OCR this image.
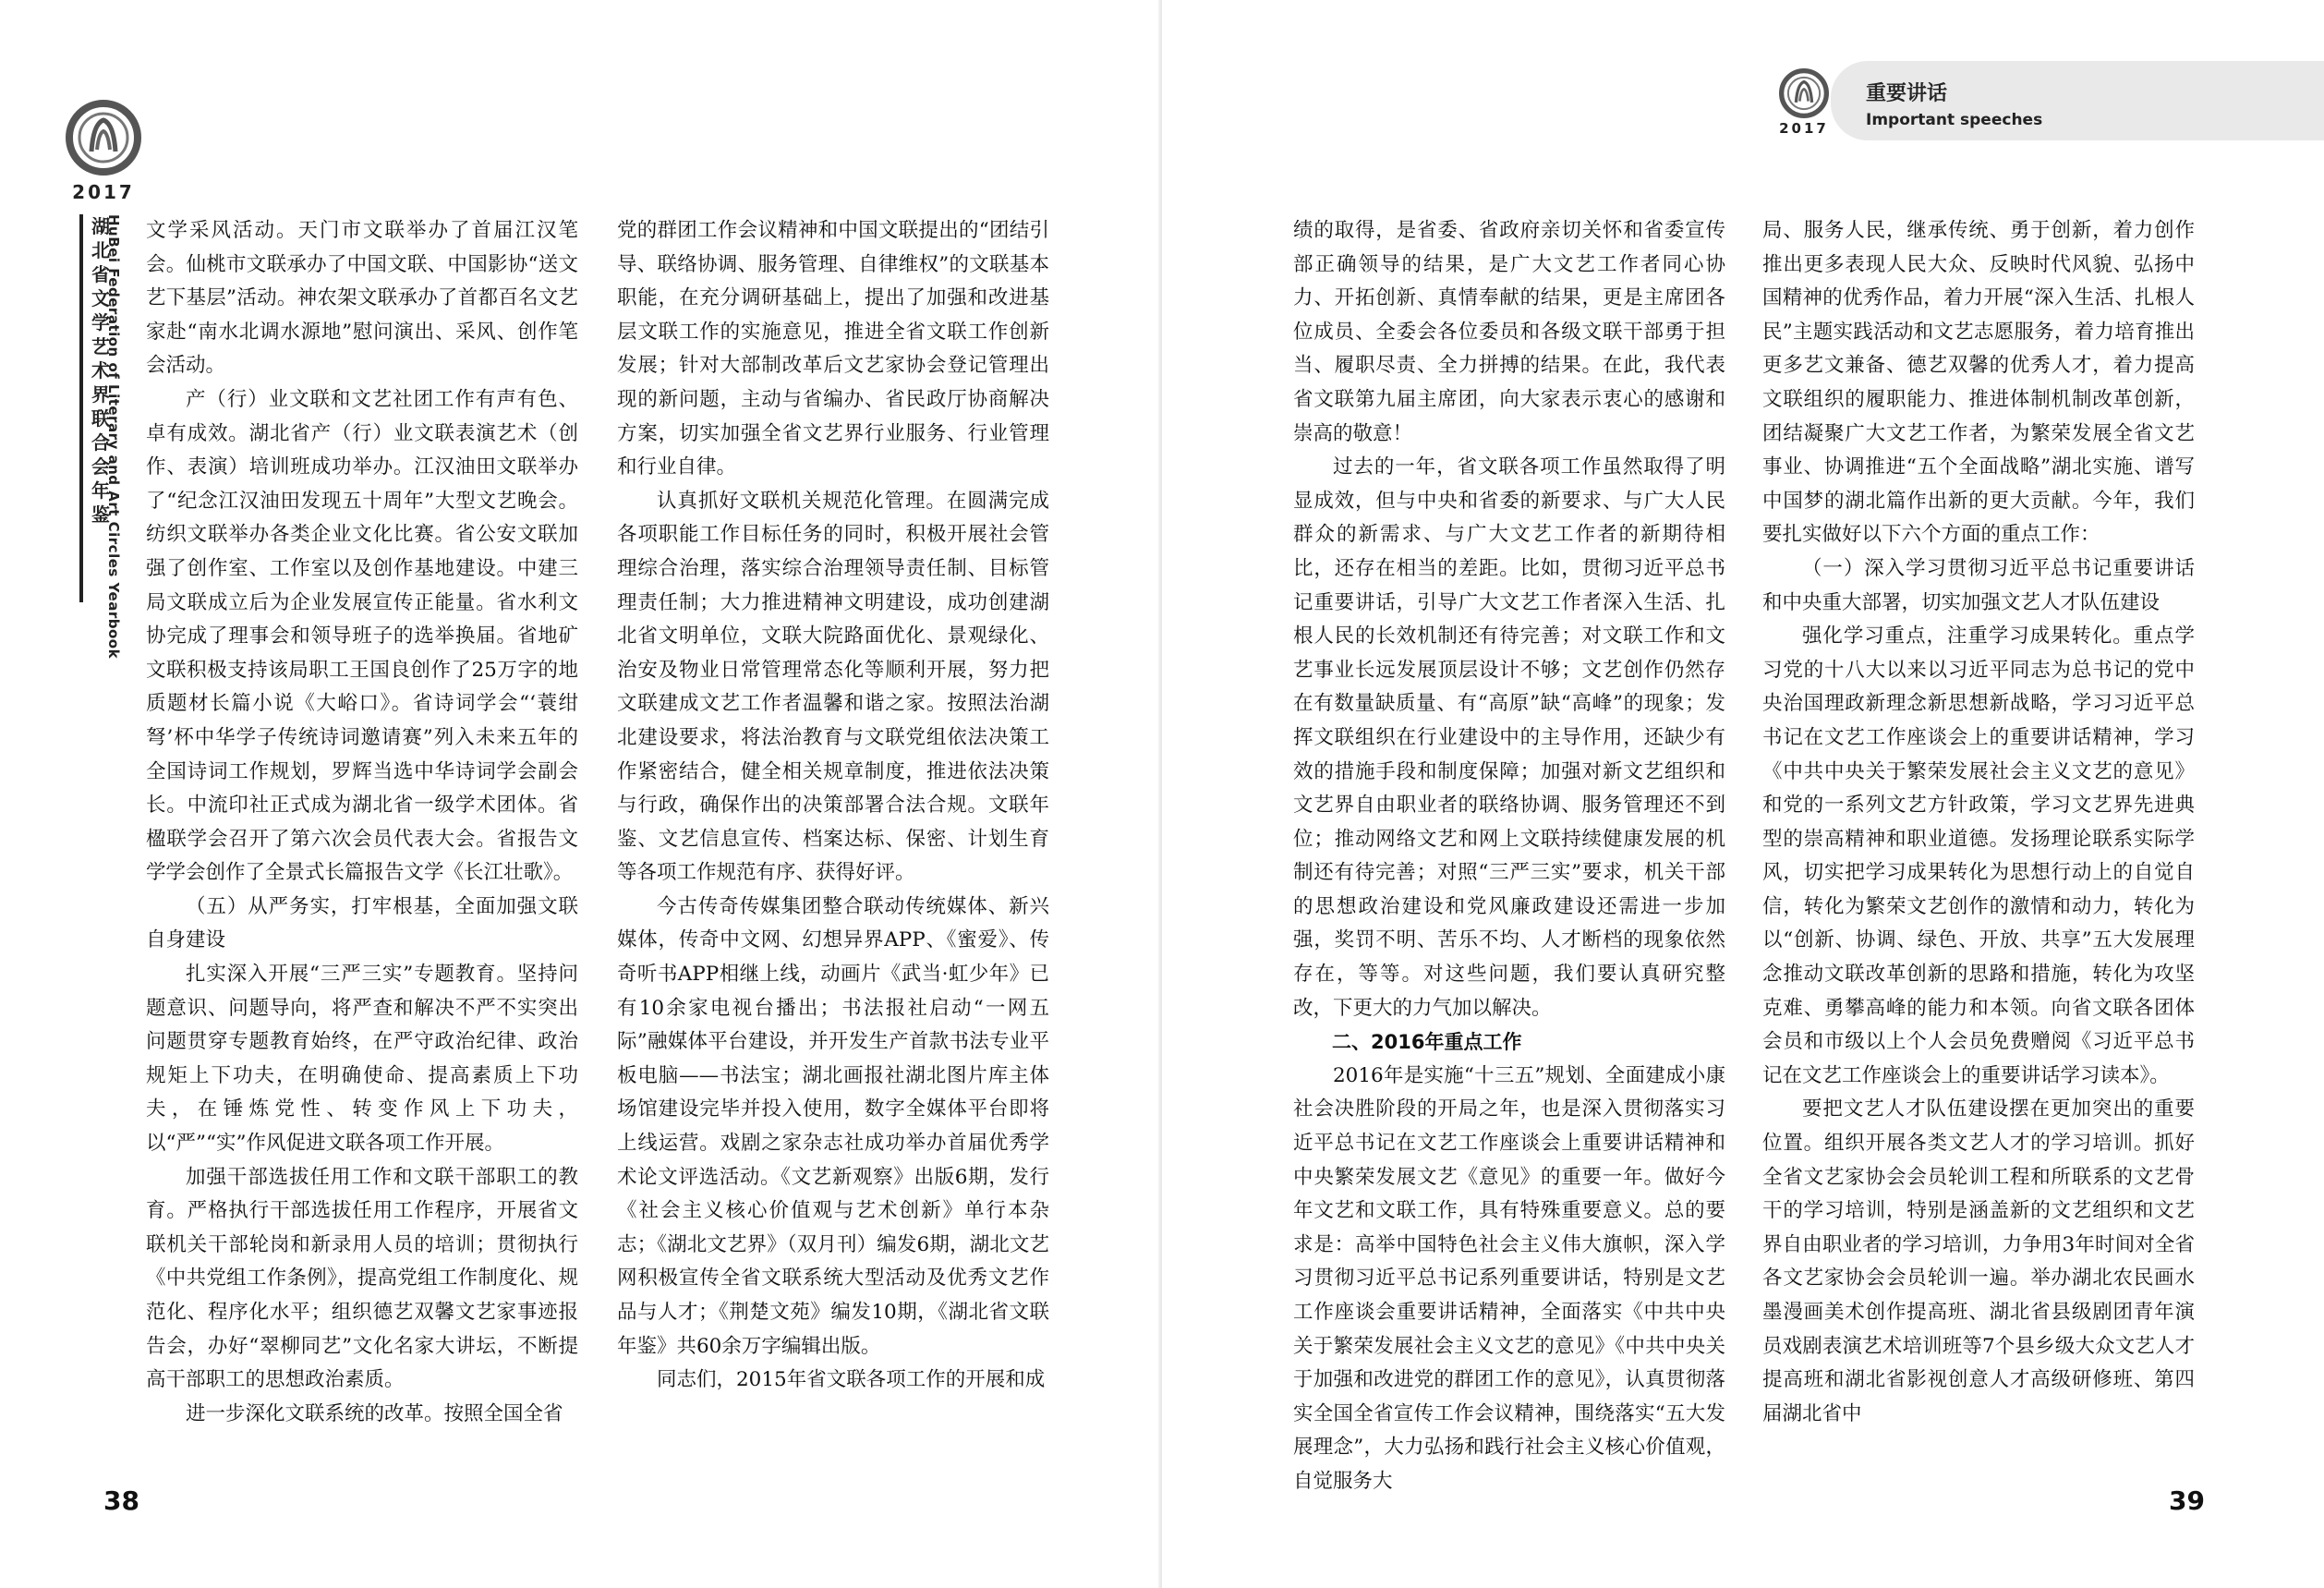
2017
湖
北
省
文
学
艺
术
界
联
合
会
年
鉴
HuBei Federation of Literary and Art Circles Yearbook 文学采风活动。天门市文联举办了首届江汉笔会。仙桃市文联承办了中国文联、中国影协“送文艺下基层”活动。神农架文联承办了首都百名文艺家赴“南水北调水源地”慰问演出、采风、创作笔会活动。

产（行）业文联和文艺社团工作有声有色、卓有成效。湖北省产（行）业文联表演艺术（创作、表演）培训班成功举办。江汉油田文联举办了“纪念江汉油田发现五十周年”大型文艺晚会。纺织文联举办各类企业文化比赛。省公安文联加强了创作室、工作室以及创作基地建设。中建三局文联成立后为企业发展宣传正能量。省水利文协完成了理事会和领导班子的选举换届。省地矿文联积极支持该局职工王国良创作了25万字的地质题材长篇小说《大峪口》。省诗词学会“‘蓑绀弩’杯中华学子传统诗词邀请赛”列入未来五年的全国诗词工作规划，罗辉当选中华诗词学会副会长。中流印社正式成为湖北省一级学术团体。省楹联学会召开了第六次会员代表大会。省报告文学学会创作了全景式长篇报告文学《长江壮歌》。

（五）从严务实，打牢根基，全面加强文联自身建设

扎实深入开展“三严三实”专题教育。坚持问题意识、问题导向，将严查和解决不严不实突出问题贯穿专题教育始终，在严守政治纪律、政治规矩上下功夫，在明确使命、提高素质上下功夫，在锤炼党性、转变作风上下功夫，以“严”“实”作风促进文联各项工作开展。

加强干部选拔任用工作和文联干部职工的教育。严格执行干部选拔任用工作程序，开展省文联机关干部轮岗和新录用人员的培训；贯彻执行《中共党组工作条例》，提高党组工作制度化、规范化、程序化水平；组织德艺双馨文艺家事迹报告会，办好“翠柳同艺”文化名家大讲坛，不断提高干部职工的思想政治素质。

进一步深化文联系统的改革。按照全国全省

党的群团工作会议精神和中国文联提出的“团结引导、联络协调、服务管理、自律维权”的文联基本职能，在充分调研基础上，提出了加强和改进基层文联工作的实施意见，推进全省文联工作创新发展；针对大部制改革后文艺家协会登记管理出现的新问题，主动与省编办、省民政厅协商解决方案，切实加强全省文艺界行业服务、行业管理和行业自律。

认真抓好文联机关规范化管理。在圆满完成各项职能工作目标任务的同时，积极开展社会管理综合治理，落实综合治理领导责任制、目标管理责任制；大力推进精神文明建设，成功创建湖北省文明单位，文联大院路面优化、景观绿化、治安及物业日常管理常态化等顺利开展，努力把文联建成文艺工作者温馨和谐之家。按照法治湖北建设要求，将法治教育与文联党组依法决策工作紧密结合，健全相关规章制度，推进依法决策与行政，确保作出的决策部署合法合规。文联年鉴、文艺信息宣传、档案达标、保密、计划生育等各项工作规范有序、获得好评。

今古传奇传媒集团整合联动传统媒体、新兴媒体，传奇中文网、幻想异界APP、《蜜爱》、传奇听书APP相继上线，动画片《武当·虹少年》已有10余家电视台播出；书法报社启动“一网五际”融媒体平台建设，并开发生产首款书法专业平板电脑——书法宝；湖北画报社湖北图片库主体场馆建设完毕并投入使用，数字全媒体平台即将上线运营。戏剧之家杂志社成功举办首届优秀学术论文评选活动。《文艺新观察》出版6期，发行《社会主义核心价值观与艺术创新》单行本杂志；《湖北文艺界》（双月刊）编发6期，湖北文艺网积极宣传全省文联系统大型活动及优秀文艺作品与人才；《荆楚文苑》编发10期，《湖北省文联年鉴》共60余万字编辑出版。

同志们，2015年省文联各项工作的开展和成

38
2017
重要讲话
Important speeches

绩的取得，是省委、省政府亲切关怀和省委宣传部正确领导的结果，是广大文艺工作者同心协力、开拓创新、真情奉献的结果，更是主席团各位成员、全委会各位委员和各级文联干部勇于担当、履职尽责、全力拼搏的结果。在此，我代表省文联第九届主席团，向大家表示衷心的感谢和崇高的敬意！

过去的一年，省文联各项工作虽然取得了明显成效，但与中央和省委的新要求、与广大人民群众的新需求、与广大文艺工作者的新期待相比，还存在相当的差距。比如，贯彻习近平总书记重要讲话，引导广大文艺工作者深入生活、扎根人民的长效机制还有待完善；对文联工作和文艺事业长远发展顶层设计不够；文艺创作仍然存在有数量缺质量、有“高原”缺“高峰”的现象；发挥文联组织在行业建设中的主导作用，还缺少有效的措施手段和制度保障；加强对新文艺组织和文艺界自由职业者的联络协调、服务管理还不到位；推动网络文艺和网上文联持续健康发展的机制还有待完善；对照“三严三实”要求，机关干部的思想政治建设和党风廉政建设还需进一步加强，奖罚不明、苦乐不均、人才断档的现象依然存在，等等。对这些问题，我们要认真研究整改，下更大的力气加以解决。

二、2016年重点工作

2016年是实施“十三五”规划、全面建成小康社会决胜阶段的开局之年，也是深入贯彻落实习近平总书记在文艺工作座谈会上重要讲话精神和中央繁荣发展文艺《意见》的重要一年。做好今年文艺和文联工作，具有特殊重要意义。总的要求是：高举中国特色社会主义伟大旗帜，深入学习贯彻习近平总书记系列重要讲话，特别是文艺工作座谈会重要讲话精神，全面落实《中共中央关于繁荣发展社会主义文艺的意见》《中共中央关于加强和改进党的群团工作的意见》，认真贯彻落实全国全省宣传工作会议精神，围绕落实“五大发展理念”，大力弘扬和践行社会主义核心价值观，自觉服务大

局、服务人民，继承传统、勇于创新，着力创作推出更多表现人民大众、反映时代风貌、弘扬中国精神的优秀作品，着力开展“深入生活、扎根人民”主题实践活动和文艺志愿服务，着力培育推出更多艺文兼备、德艺双馨的优秀人才，着力提高文联组织的履职能力、推进体制机制改革创新，团结凝聚广大文艺工作者，为繁荣发展全省文艺事业、协调推进“五个全面战略”湖北实施、谱写中国梦的湖北篇作出新的更大贡献。今年，我们要扎实做好以下六个方面的重点工作：

（一）深入学习贯彻习近平总书记重要讲话和中央重大部署，切实加强文艺人才队伍建设

强化学习重点，注重学习成果转化。重点学习党的十八大以来以习近平同志为总书记的党中央治国理政新理念新思想新战略，学习习近平总书记在文艺工作座谈会上的重要讲话精神，学习《中共中央关于繁荣发展社会主义文艺的意见》和党的一系列文艺方针政策，学习文艺界先进典型的崇高精神和职业道德。发扬理论联系实际学风，切实把学习成果转化为思想行动上的自觉自信，转化为繁荣文艺创作的激情和动力，转化为以“创新、协调、绿色、开放、共享”五大发展理念推动文联改革创新的思路和措施，转化为攻坚克难、勇攀高峰的能力和本领。向省文联各团体会员和市级以上个人会员免费赠阅《习近平总书记在文艺工作座谈会上的重要讲话学习读本》。

要把文艺人才队伍建设摆在更加突出的重要位置。组织开展各类文艺人才的学习培训。抓好全省文艺家协会会员轮训工程和所联系的文艺骨干的学习培训，特别是涵盖新的文艺组织和文艺界自由职业者的学习培训，力争用3年时间对全省各文艺家协会会员轮训一遍。举办湖北农民画水墨漫画美术创作提高班、湖北省县级剧团青年演员戏剧表演艺术培训班等7个县乡级大众文艺人才提高班和湖北省影视创意人才高级研修班、第四届湖北省中

39
